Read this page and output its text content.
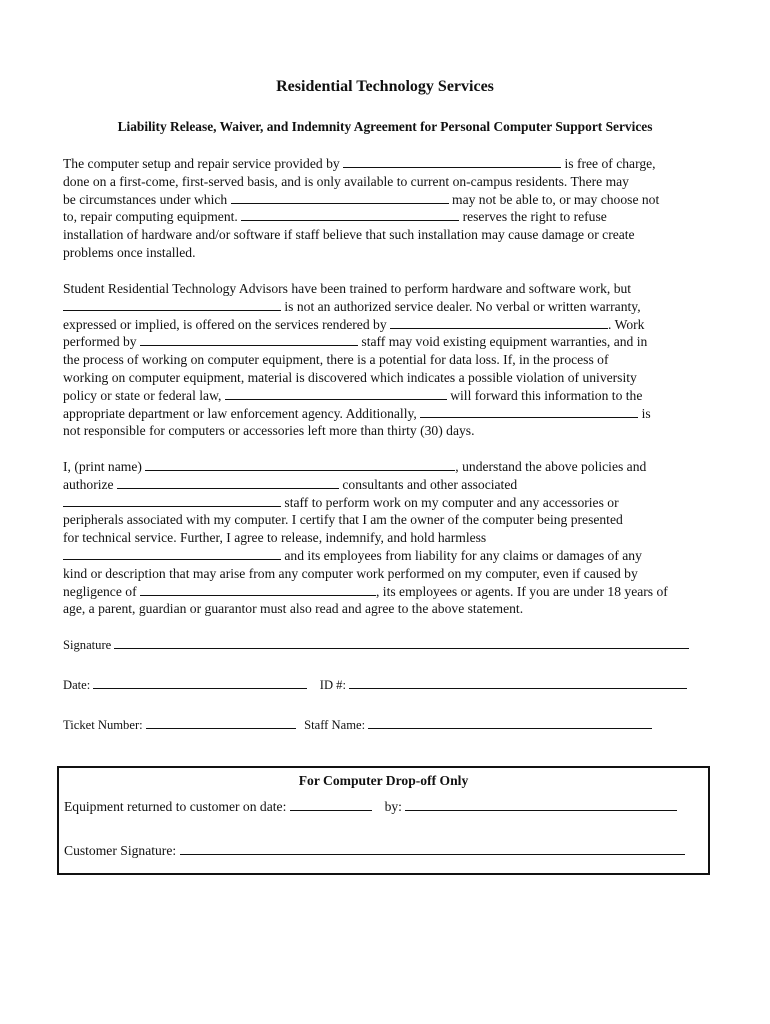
Residential Technology Services
Liability Release, Waiver, and Indemnity Agreement for Personal Computer Support Services
The computer setup and repair service provided by	is free of charge,
done on a first-come, first-served basis, and is only available to current on-campus residents. There may
be circumstances under which	may not be able to, or may choose not
to, repair computing equipment.	reserves the right to refuse
installation of hardware and/or software if staff believe that such installation may cause damage or create
problems once installed.
Student Residential Technology Advisors have been trained to perform hardware and software work, but
is not an authorized service dealer. No verbal or written warranty,
expressed or implied, is offered on the services rendered by	. Work
performed by	staff may void existing equipment warranties, and in
the process of working on computer equipment, there is a potential for data loss. If, in the process of
working on computer equipment, material is discovered which indicates a possible violation of university
policy or state or federal law,	will forward this information to the
appropriate department or law enforcement agency. Additionally,	is
not responsible for computers or accessories left more than thirty (30) days.
I, (print name)	, understand the above policies and
authorize	consultants and other associated
staff to perform work on my computer and any accessories or
peripherals associated with my computer. I certify that I am the owner of the computer being presented
for technical service. Further, I agree to release, indemnify, and hold harmless
and its employees from liability for any claims or damages of any
kind or description that may arise from any computer work performed on my computer, even if caused by
negligence of	, its employees or agents. If you are under 18 years of
age, a parent, guardian or guarantor must also read and agree to the above statement.
Signature
Date:	ID #:
Ticket Number:	Staff Name:
For Computer Drop-off Only
Equipment returned to customer on date:	by:
Customer Signature:
